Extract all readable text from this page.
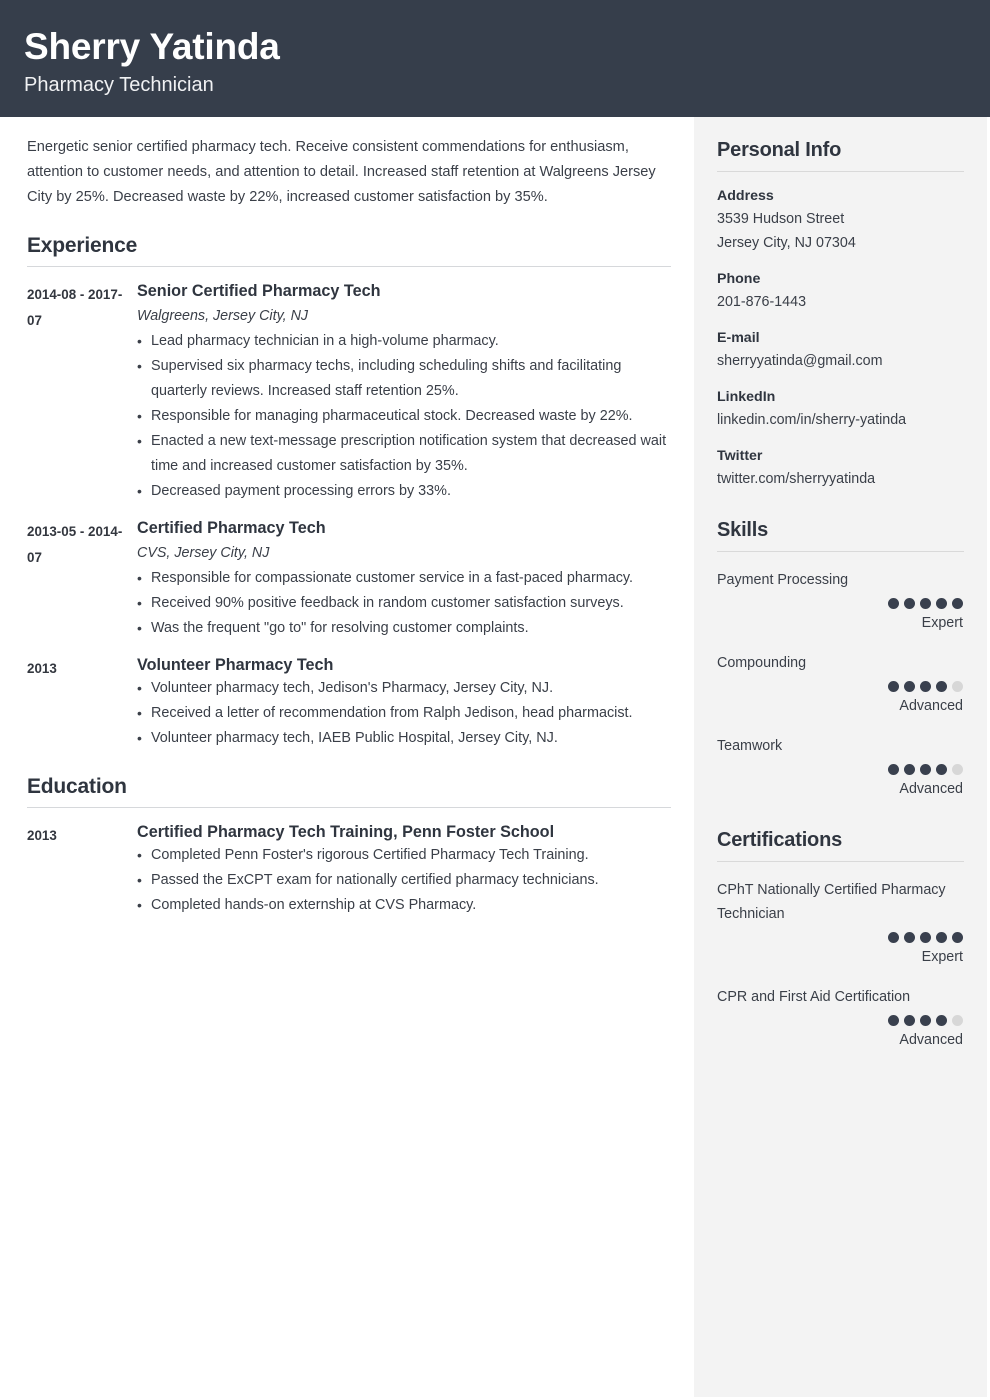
Sherry Yatinda
Pharmacy Technician

Energetic senior certified pharmacy tech. Receive consistent commendations for enthusiasm, attention to customer needs, and attention to detail. Increased staff retention at Walgreens Jersey City by 25%. Decreased waste by 22%, increased customer satisfaction by 35%.

Experience
2014-08 - 2017-07
Senior Certified Pharmacy Tech
Walgreens, Jersey City, NJ
• Lead pharmacy technician in a high-volume pharmacy.
• Supervised six pharmacy techs, including scheduling shifts and facilitating quarterly reviews. Increased staff retention 25%.
• Responsible for managing pharmaceutical stock. Decreased waste by 22%.
• Enacted a new text-message prescription notification system that decreased wait time and increased customer satisfaction by 35%.
• Decreased payment processing errors by 33%.
2013-05 - 2014-07
Certified Pharmacy Tech
CVS, Jersey City, NJ
• Responsible for compassionate customer service in a fast-paced pharmacy.
• Received 90% positive feedback in random customer satisfaction surveys.
• Was the frequent "go to" for resolving customer complaints.
2013	Volunteer Pharmacy Tech
• Volunteer pharmacy tech, Jedison's Pharmacy, Jersey City, NJ.
• Received a letter of recommendation from Ralph Jedison, head pharmacist.
• Volunteer pharmacy tech, IAEB Public Hospital, Jersey City, NJ.
Education
2013	Certified Pharmacy Tech Training, Penn Foster School
• Completed Penn Foster's rigorous Certified Pharmacy Tech Training.
• Passed the ExCPT exam for nationally certified pharmacy technicians.
• Completed hands-on externship at CVS Pharmacy.
Personal Info
Address
3539 Hudson Street
Jersey City, NJ 07304
Phone
201-876-1443
E-mail
sherryyatinda@gmail.com
LinkedIn
linkedin.com/in/sherry-yatinda
Twitter
twitter.com/sherryyatinda
Skills
Payment Processing
Expert
Compounding
Advanced
Teamwork
Advanced
Certifications
CPhT Nationally Certified Pharmacy Technician
Expert
CPR and First Aid Certification
Advanced
